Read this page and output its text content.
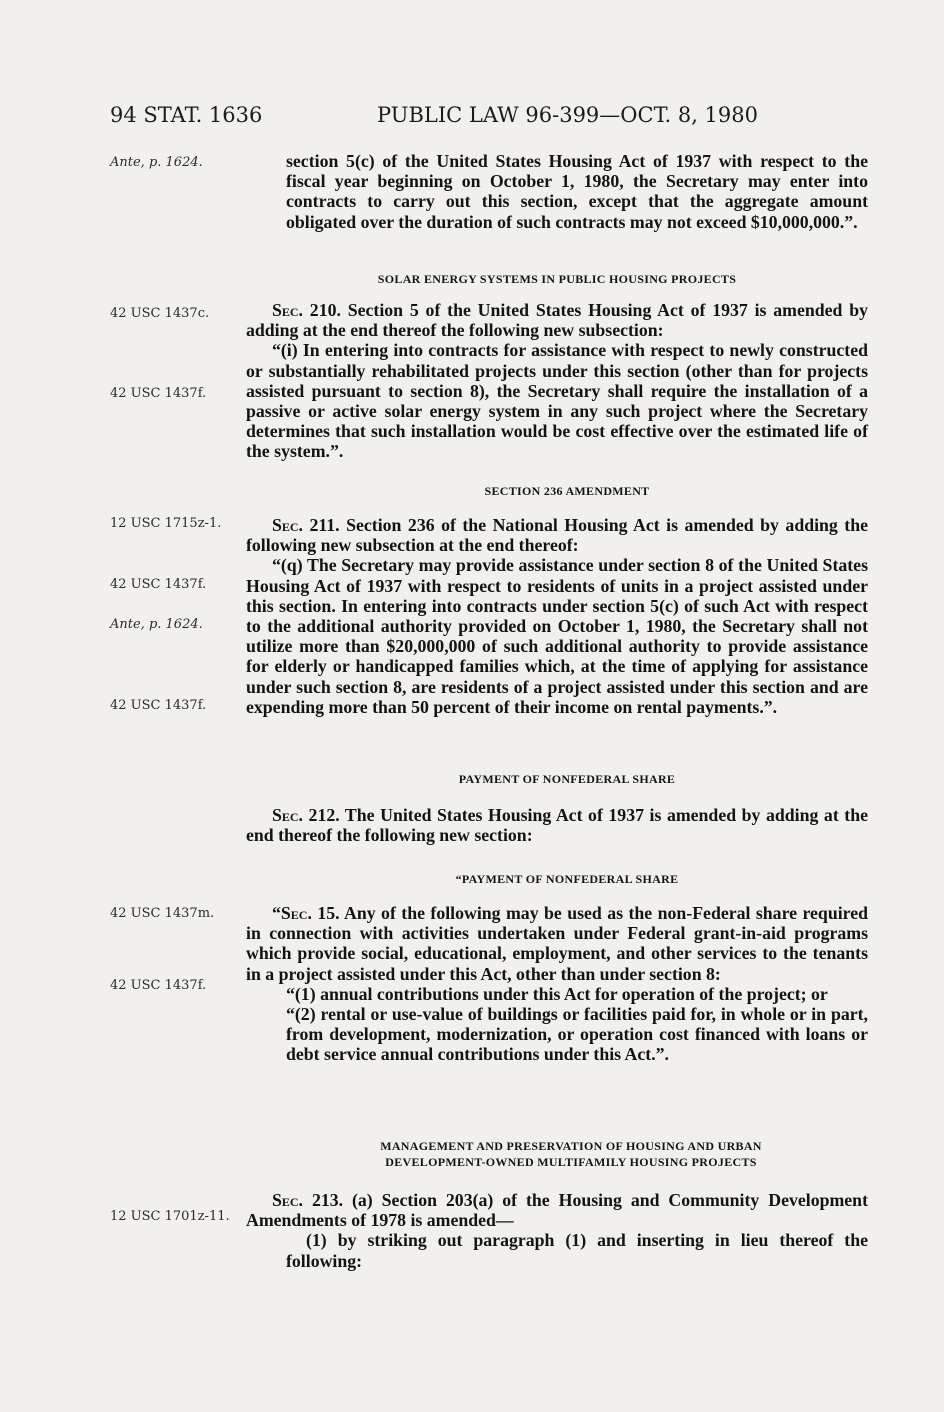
94 STAT. 1636	PUBLIC LAW 96-399—OCT. 8, 1980
Ante, p. 1624.
42 USC 1437c.
42 USC 1437f.
12 USC 1715z-1.
42 USC 1437f.
Ante, p. 1624.
42 USC 1437f.
42 USC 1437m.
42 USC 1437f.
12 USC 1701z-11.

section 5(c) of the United States Housing Act of 1937 with respect to the fiscal year beginning on October 1, 1980, the Secretary may enter into contracts to carry out this section, except that the aggregate amount obligated over the duration of such contracts may not exceed $10,000,000.”.

SOLAR ENERGY SYSTEMS IN PUBLIC HOUSING PROJECTS

Sec. 210. Section 5 of the United States Housing Act of 1937 is amended by adding at the end thereof the following new subsection:

“(i) In entering into contracts for assistance with respect to newly constructed or substantially rehabilitated projects under this section (other than for projects assisted pursuant to section 8), the Secretary shall require the installation of a passive or active solar energy system in any such project where the Secretary determines that such installation would be cost effective over the estimated life of the system.”.

SECTION 236 AMENDMENT

Sec. 211. Section 236 of the National Housing Act is amended by adding the following new subsection at the end thereof:

“(q) The Secretary may provide assistance under section 8 of the United States Housing Act of 1937 with respect to residents of units in a project assisted under this section. In entering into contracts under section 5(c) of such Act with respect to the additional authority provided on October 1, 1980, the Secretary shall not utilize more than $20,000,000 of such additional authority to provide assistance for elderly or handicapped families which, at the time of applying for assistance under such section 8, are residents of a project assisted under this section and are expending more than 50 percent of their income on rental payments.”.

PAYMENT OF NONFEDERAL SHARE

Sec. 212. The United States Housing Act of 1937 is amended by adding at the end thereof the following new section:

“PAYMENT OF NONFEDERAL SHARE

“Sec. 15. Any of the following may be used as the non-Federal share required in connection with activities undertaken under Federal grant-in-aid programs which provide social, educational, employment, and other services to the tenants in a project assisted under this Act, other than under section 8:

“(1) annual contributions under this Act for operation of the project; or

“(2) rental or use-value of buildings or facilities paid for, in whole or in part, from development, modernization, or operation cost financed with loans or debt service annual contributions under this Act.”.

MANAGEMENT AND PRESERVATION OF HOUSING AND URBAN
DEVELOPMENT-OWNED MULTIFAMILY HOUSING PROJECTS

Sec. 213. (a) Section 203(a) of the Housing and Community Development Amendments of 1978 is amended—

(1) by striking out paragraph (1) and inserting in lieu thereof the following:
